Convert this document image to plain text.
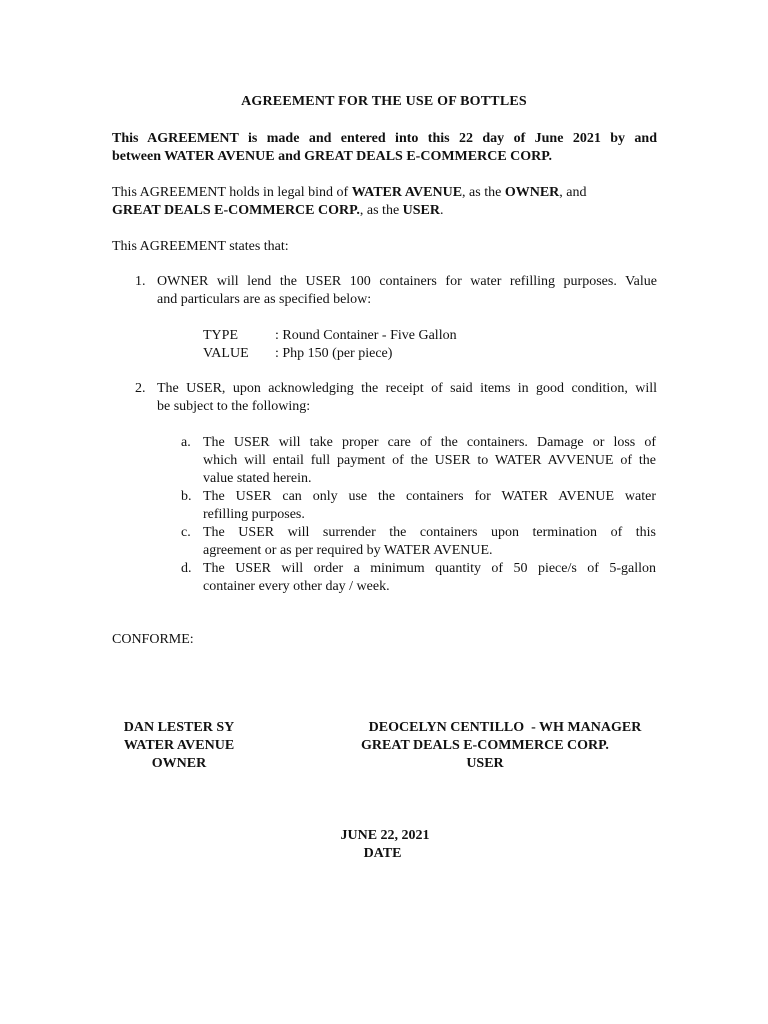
AGREEMENT FOR THE USE OF BOTTLES
This AGREEMENT is made and entered into this 22 day of June 2021 by and
between WATER AVENUE and GREAT DEALS E-COMMERCE CORP.
This AGREEMENT holds in legal bind of WATER AVENUE, as the OWNER, and
GREAT DEALS E-COMMERCE CORP., as the USER.
This AGREEMENT states that:
1. OWNER will lend the USER 100 containers for water refilling purposes. Value
and particulars are as specified below:
TYPE	: Round Container - Five Gallon
VALUE : Php 150 (per piece)
2. The USER, upon acknowledging the receipt of said items in good condition, will
be subject to the following:
a. The USER will take proper care of the containers. Damage or loss of
which will entail full payment of the USER to WATER AVVENUE of the
value stated herein.
b. The USER can only use the containers for WATER AVENUE water
refilling purposes.
c. The USER will surrender the containers upon termination of this
agreement or as per required by WATER AVENUE.
d. The USER will order a minimum quantity of 50 piece/s of 5-gallon
container every other day / week.
CONFORME:
DAN LESTER SY
WATER AVENUE
OWNER
DEOCELYN CENTILLO  - WH MANAGER
GREAT DEALS E-COMMERCE CORP.
USER
JUNE 22, 2021
DATE
